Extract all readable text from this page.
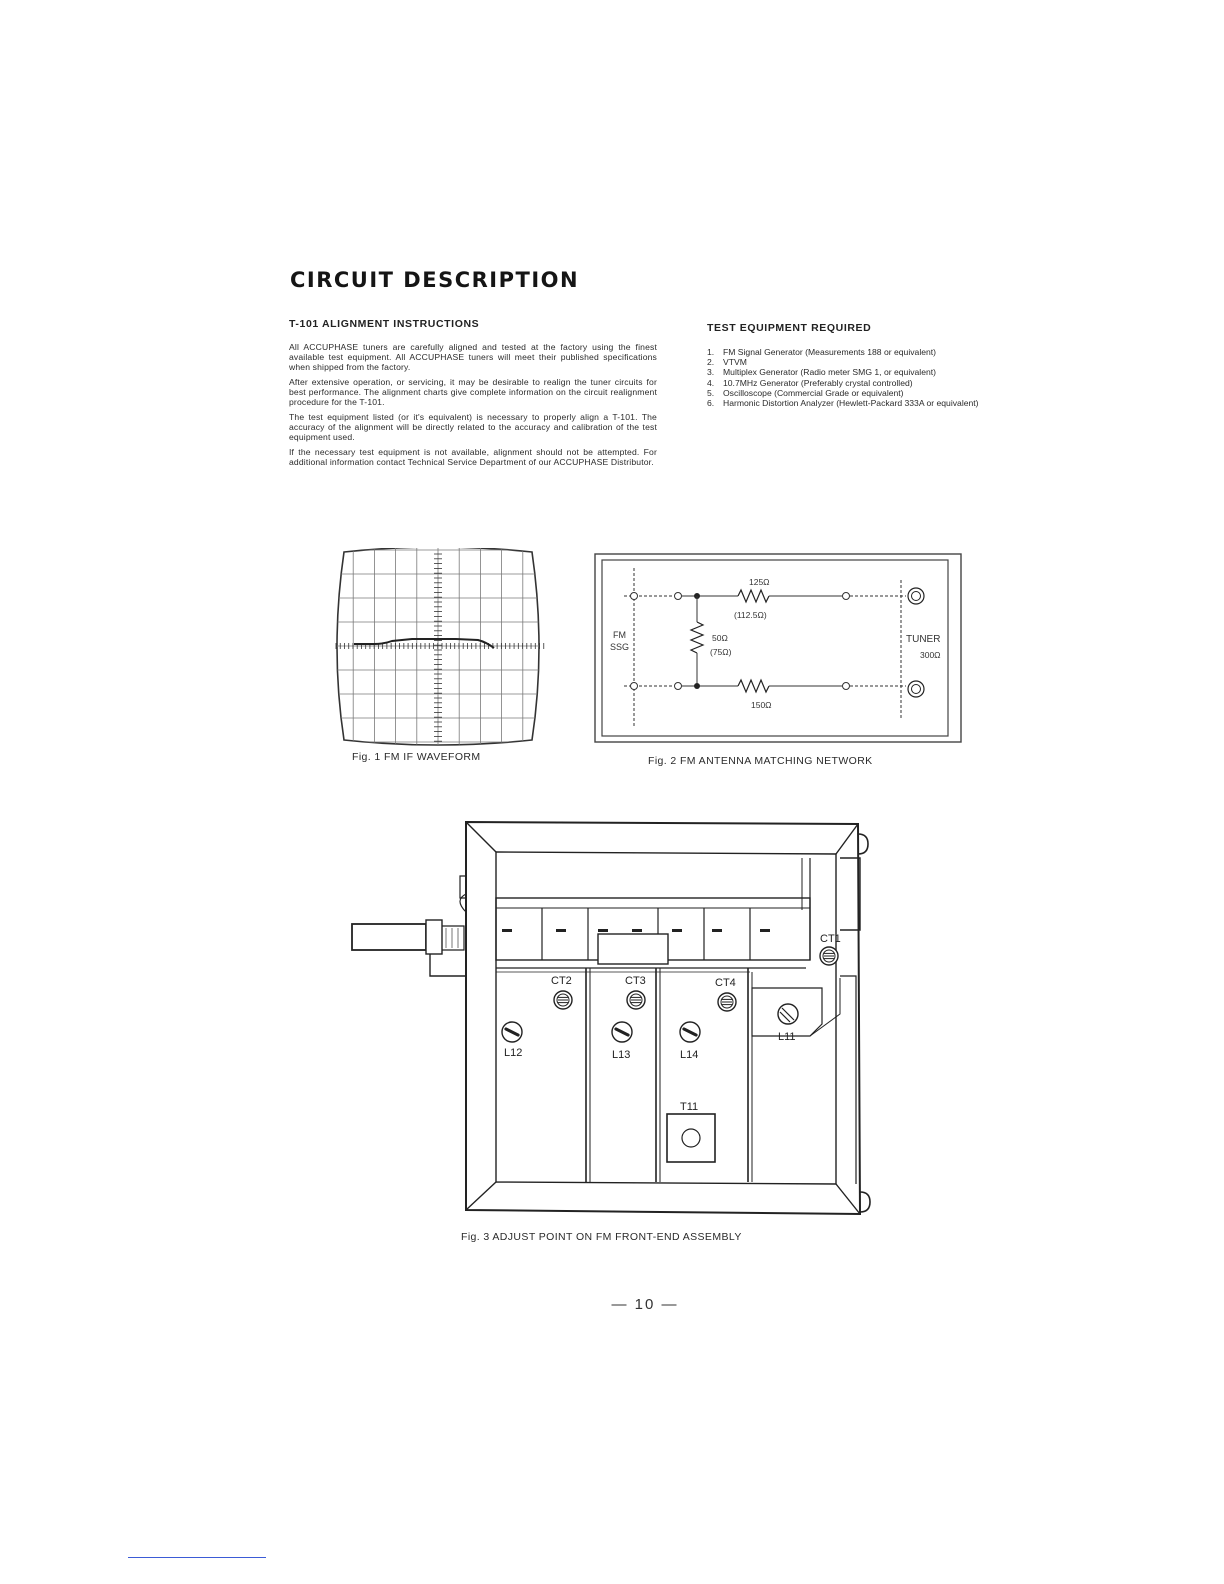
CIRCUIT DESCRIPTION
T-101 ALIGNMENT INSTRUCTIONS

All ACCUPHASE tuners are carefully aligned and tested at the factory using the finest available test equipment. All ACCUPHASE tuners will meet their published specifications when shipped from the factory.

After extensive operation, or servicing, it may be desirable to realign the tuner circuits for best performance. The alignment charts give complete information on the circuit realignment procedure for the T-101.

The test equipment listed (or it's equivalent) is necessary to properly align a T-101. The accuracy of the alignment will be directly related to the accuracy and calibration of the test equipment used.

If the necessary test equipment is not available, alignment should not be attempted. For additional information contact Technical Service Department of our ACCUPHASE Distributor.

TEST EQUIPMENT REQUIRED
1.	FM Signal Generator (Measurements 188 or equivalent)
2.	VTVM
3.	Multiplex Generator (Radio meter SMG 1, or equivalent)
4.	10.7MHz Generator (Preferably crystal controlled)
5.	Oscilloscope (Commercial Grade or equivalent)
6.	Harmonic Distortion Analyzer (Hewlett-Packard 333A or equivalent)
Fig. 1 FM IF WAVEFORM
125Ω
(112.5Ω)
FM
SSG
50Ω
(75Ω)
150Ω
TUNER
300Ω
Fig. 2 FM ANTENNA MATCHING NETWORK
CT1
CT2	CT3	CT4
L11
L12	L13	L14
T11
Fig. 3 ADJUST POINT ON FM FRONT-END ASSEMBLY
— 10 —
